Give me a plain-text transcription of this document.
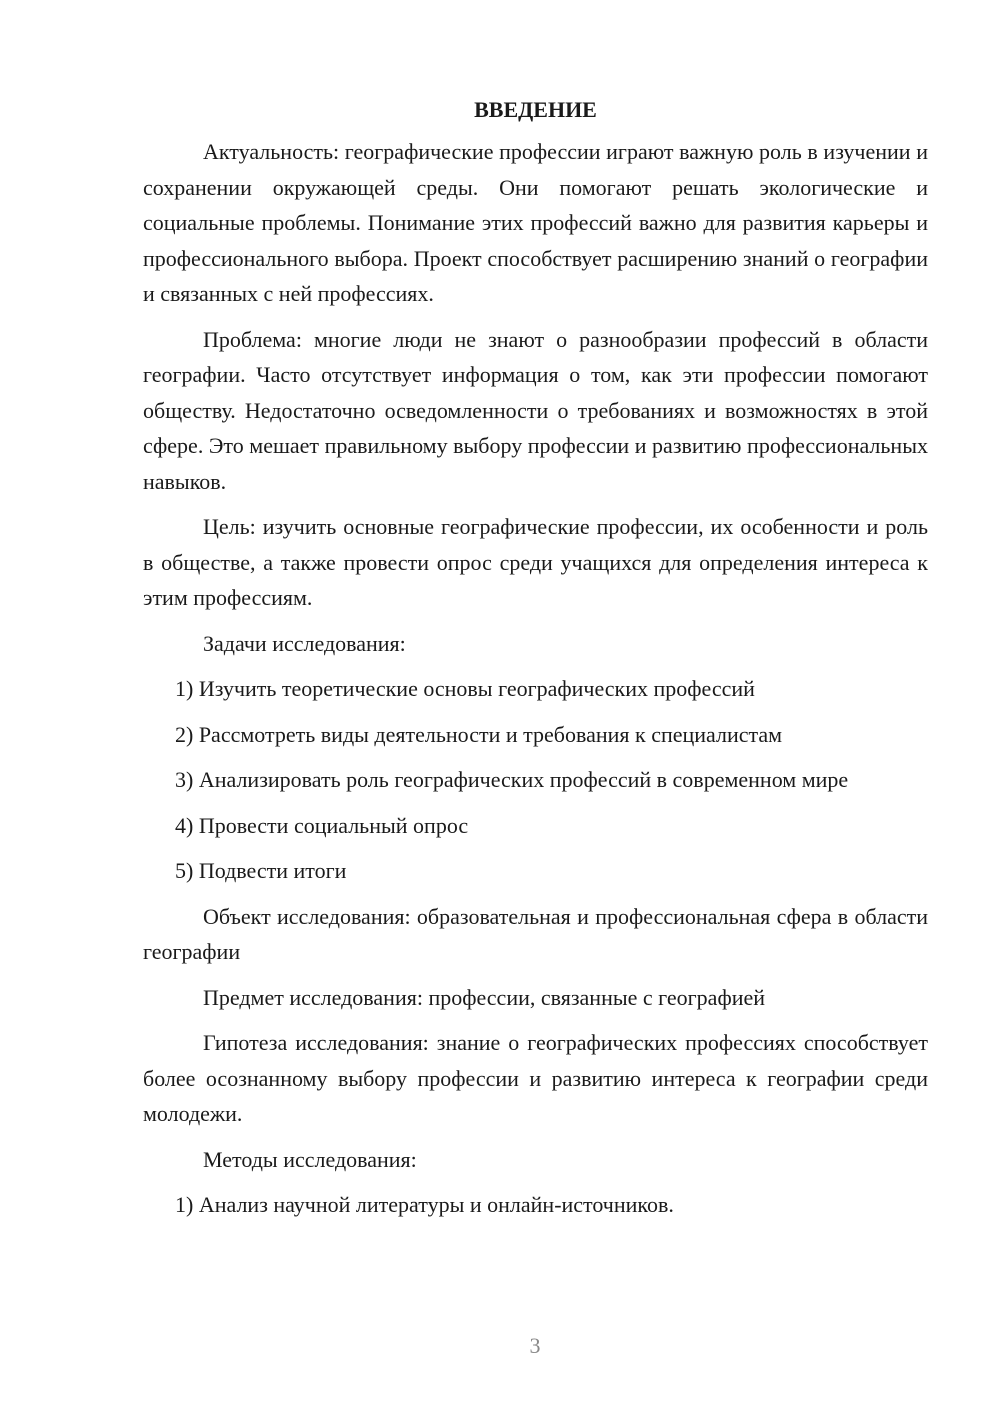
ВВЕДЕНИЕ

Актуальность: географические профессии играют важную роль в изучении и сохранении окружающей среды. Они помогают решать экологические и социальные проблемы. Понимание этих профессий важно для развития карьеры и профессионального выбора. Проект способствует расширению знаний о географии и связанных с ней профессиях.

Проблема: многие люди не знают о разнообразии профессий в области географии. Часто отсутствует информация о том, как эти профессии помогают обществу. Недостаточно осведомленности о требованиях и возможностях в этой сфере. Это мешает правильному выбору профессии и развитию профессиональных навыков.

Цель: изучить основные географические профессии, их особенности и роль в обществе, а также провести опрос среди учащихся для определения интереса к этим профессиям.

Задачи исследования:

1) Изучить теоретические основы географических профессий

2) Рассмотреть виды деятельности и требования к специалистам

3) Анализировать роль географических профессий в современном мире

4) Провести социальный опрос

5) Подвести итоги

Объект исследования: образовательная и профессиональная сфера в области географии

Предмет исследования: профессии, связанные с географией

Гипотеза исследования: знание о географических профессиях способствует более осознанному выбору профессии и развитию интереса к географии среди молодежи.

Методы исследования:

1) Анализ научной литературы и онлайн-источников.

3
